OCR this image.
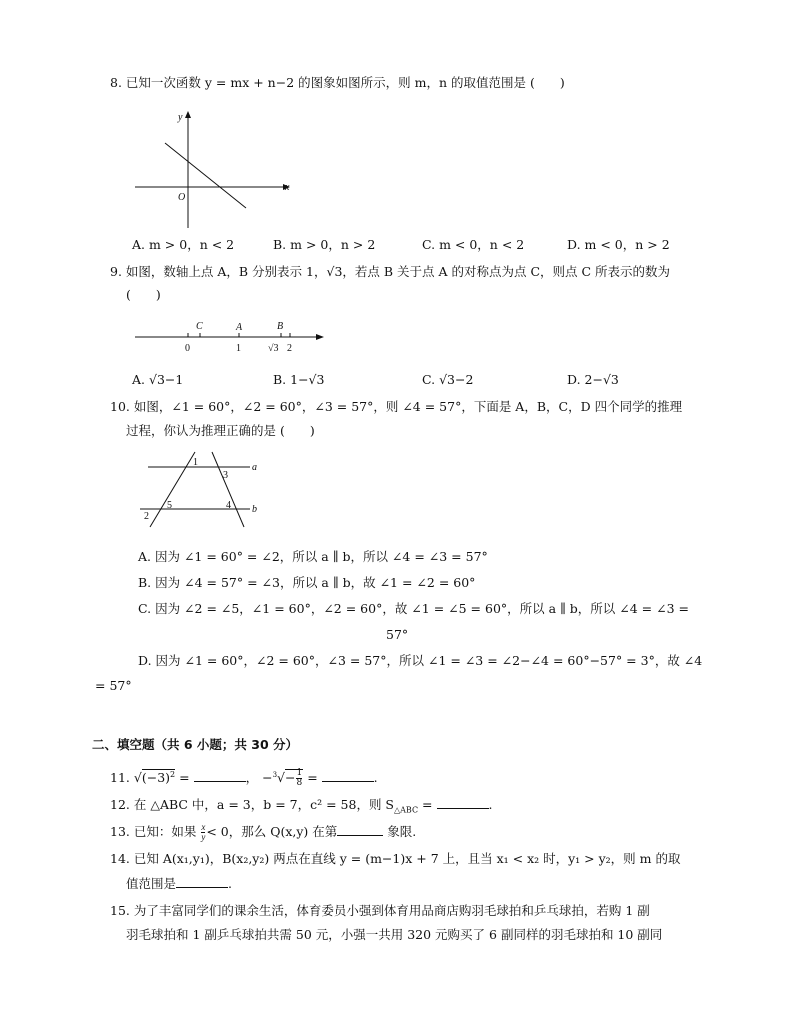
8. 已知一次函数 y = mx + n−2 的图象如图所示，则 m，n 的取值范围是 (　　)
y
x
O
A. m > 0，n < 2	B. m > 0，n > 2	C. m < 0，n < 2	D. m < 0，n > 2
9. 如图，数轴上点 A，B 分别表示 1，√3，若点 B 关于点 A 的对称点为点 C，则点 C 所表示的数为
(　　)
C	A	B
0	1	√3 2
A. √3−1	B. 1−√3	C. √3−2	D. 2−√3
10. 如图，∠1 = 60°，∠2 = 60°，∠3 = 57°，则 ∠4 = 57°，下面是 A，B，C，D 四个同学的推理
过程，你认为推理正确的是 (　　)
1
3
5	4
2
a
b
A. 因为 ∠1 = 60° = ∠2，所以 a ∥ b，所以 ∠4 = ∠3 = 57°
B. 因为 ∠4 = 57° = ∠3，所以 a ∥ b，故 ∠1 = ∠2 = 60°
C. 因为 ∠2 = ∠5，∠1 = 60°，∠2 = 60°，故 ∠1 = ∠5 = 60°，所以 a ∥ b，所以 ∠4 = ∠3 =
57°
D. 因为 ∠1 = 60°，∠2 = 60°，∠3 = 57°，所以 ∠1 = ∠3 = ∠2−∠4 = 60°−57° = 3°，故 ∠4
= 57°
二、填空题（共 6 小题；共 30 分）
11. $√(-3)^2$ =	， $-^3√- \frac{1}{8}$ =	.
12. 在 △ABC 中，a = 3，b = 7，c² = 58，则 $S_{\triangle ABC}$ =	.
13. 已知：如果 $\frac{x}{y} < 0$，那么 Q(x,y) 在第	象限.
14. 已知 A(x₁,y₁)，B(x₂,y₂) 两点在直线 y = (m−1)x + 7 上，且当 x₁ < x₂ 时，y₁ > y₂，则 m 的取
值范围是	.
15. 为了丰富同学们的课余生活，体育委员小强到体育用品商店购羽毛球拍和乒乓球拍，若购 1 副
羽毛球拍和 1 副乒乓球拍共需 50 元，小强一共用 320 元购买了 6 副同样的羽毛球拍和 10 副同
